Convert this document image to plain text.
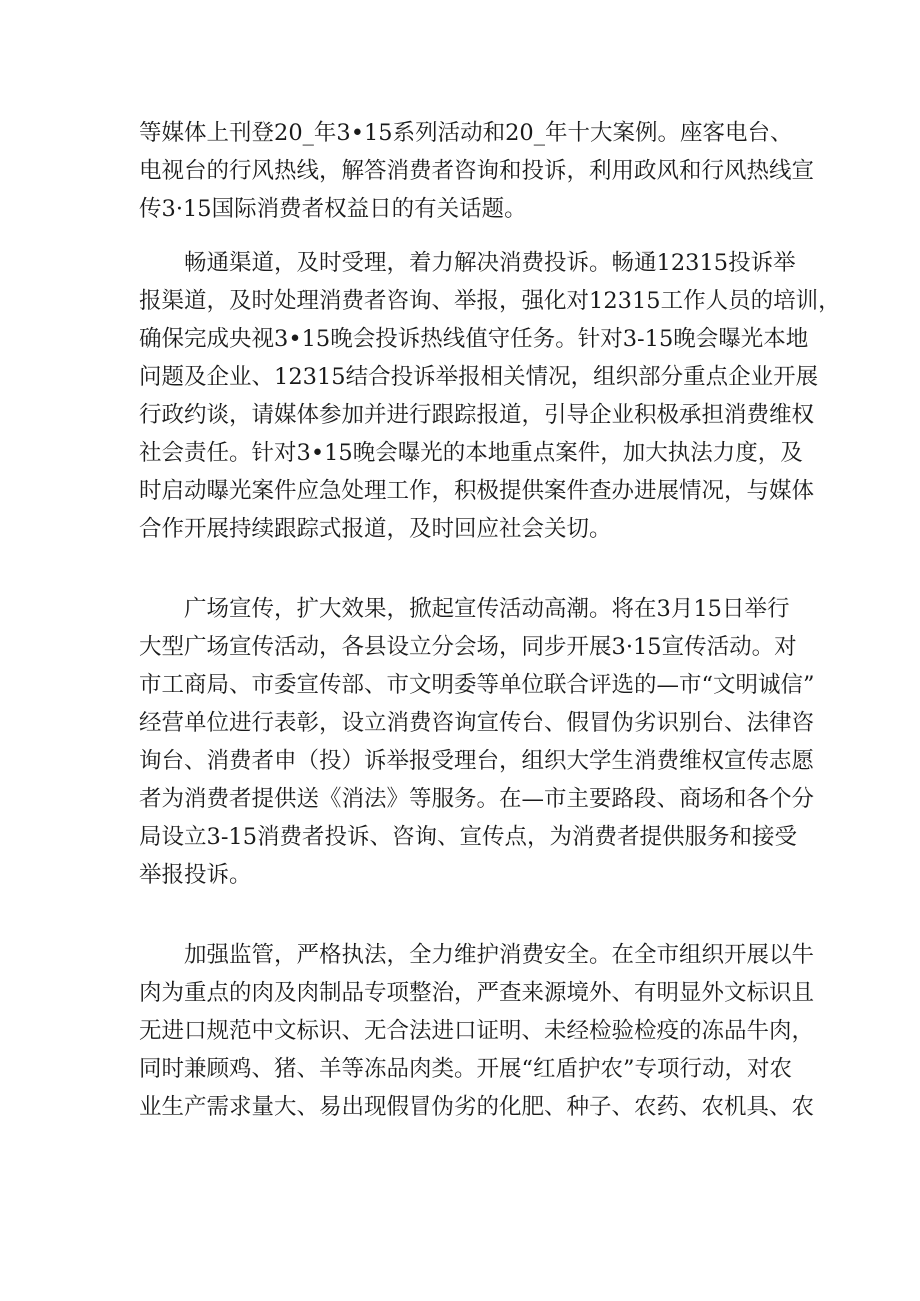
等媒体上刊登20_年3•15系列活动和20_年十大案例。座客电台、
电视台的行风热线，解答消费者咨询和投诉，利用政风和行风热线宣
传3·15国际消费者权益日的有关话题。
畅通渠道，及时受理，着力解决消费投诉。畅通12315投诉举
报渠道，及时处理消费者咨询、举报，强化对12315工作人员的培训，
确保完成央视3•15晚会投诉热线值守任务。针对3-15晚会曝光本地
问题及企业、12315结合投诉举报相关情况，组织部分重点企业开展
行政约谈，请媒体参加并进行跟踪报道，引导企业积极承担消费维权
社会责任。针对3•15晚会曝光的本地重点案件，加大执法力度，及
时启动曝光案件应急处理工作，积极提供案件查办进展情况，与媒体
合作开展持续跟踪式报道，及时回应社会关切。
广场宣传，扩大效果，掀起宣传活动高潮。将在3月15日举行
大型广场宣传活动，各县设立分会场，同步开展3·15宣传活动。对
市工商局、市委宣传部、市文明委等单位联合评选的—市“文明诚信”
经营单位进行表彰，设立消费咨询宣传台、假冒伪劣识别台、法律咨
询台、消费者申（投）诉举报受理台，组织大学生消费维权宣传志愿
者为消费者提供送《消法》等服务。在—市主要路段、商场和各个分
局设立3-15消费者投诉、咨询、宣传点，为消费者提供服务和接受
举报投诉。
加强监管，严格执法，全力维护消费安全。在全市组织开展以牛
肉为重点的肉及肉制品专项整治，严查来源境外、有明显外文标识且
无进口规范中文标识、无合法进口证明、未经检验检疫的冻品牛肉，
同时兼顾鸡、猪、羊等冻品肉类。开展“红盾护农”专项行动，对农
业生产需求量大、易出现假冒伪劣的化肥、种子、农药、农机具、农
